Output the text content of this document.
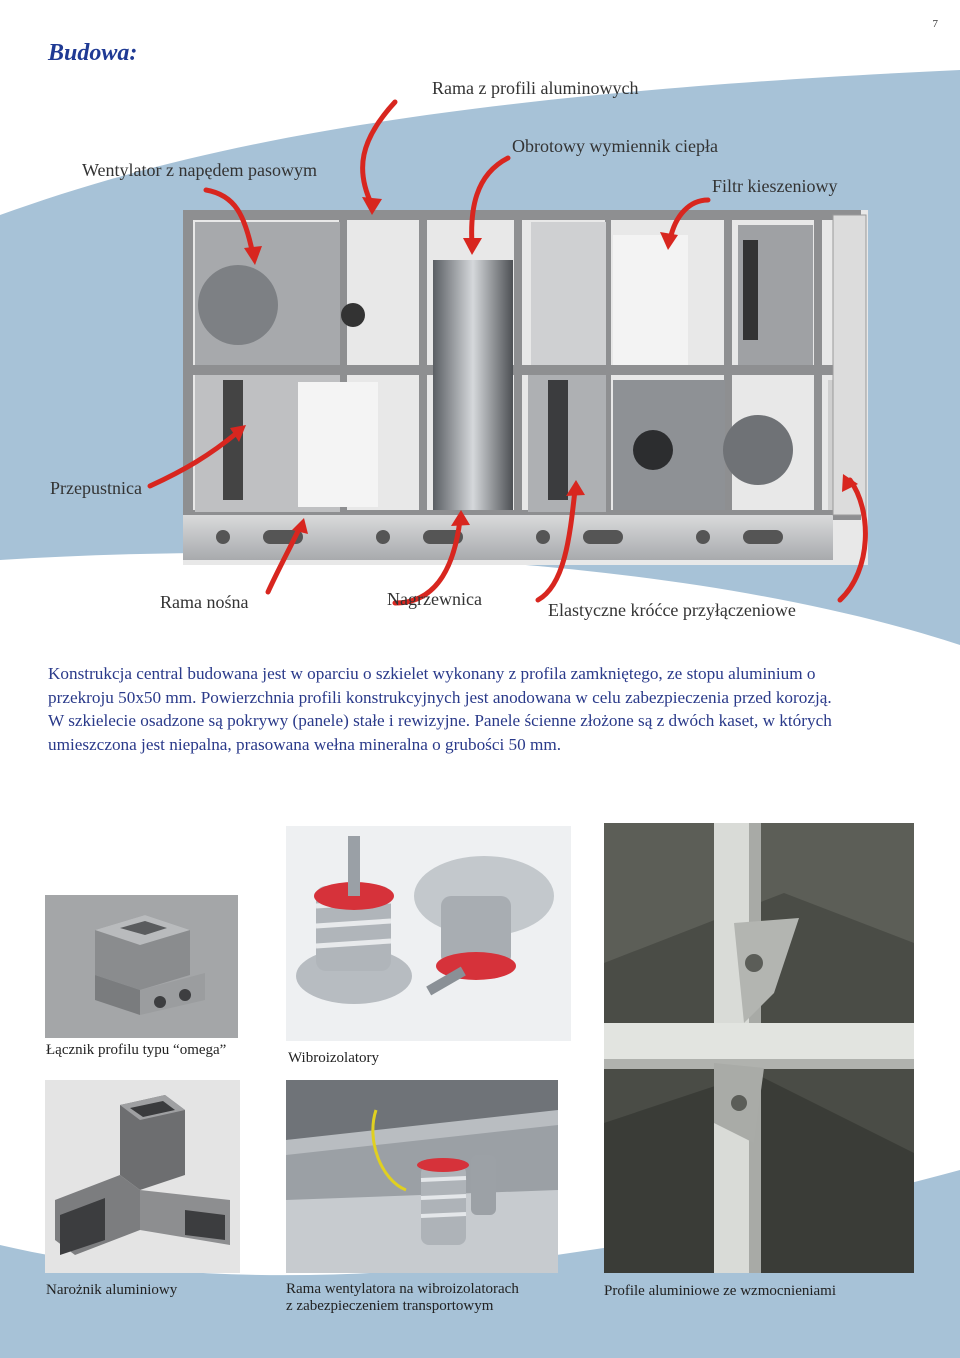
7
Budowa:
Rama z profili aluminowych
Wentylator z napędem pasowym
Obrotowy wymiennik ciepła
Filtr kieszeniowy
Przepustnica
Rama nośna	Nagrzewnica
Elastyczne króćce przyłączeniowe
Konstrukcja central budowana jest w oparciu o szkielet wykonany z profila zamkniętego, ze stopu aluminium o
przekroju 50x50 mm. Powierzchnia profili konstrukcyjnych jest anodowana w celu zabezpieczenia przed korozją.
W szkielecie osadzone są pokrywy (panele) stałe i rewizyjne. Panele ścienne złożone są z dwóch kaset, w których
umieszczona jest niepalna, prasowana wełna mineralna o grubości 50 mm.
Łącznik profilu typu “omega”	Wibroizolatory
Profile aluminiowe ze wzmocnieniami
Narożnik aluminiowy	Rama wentylatora na wibroizolatorach
z zabezpieczeniem transportowym
